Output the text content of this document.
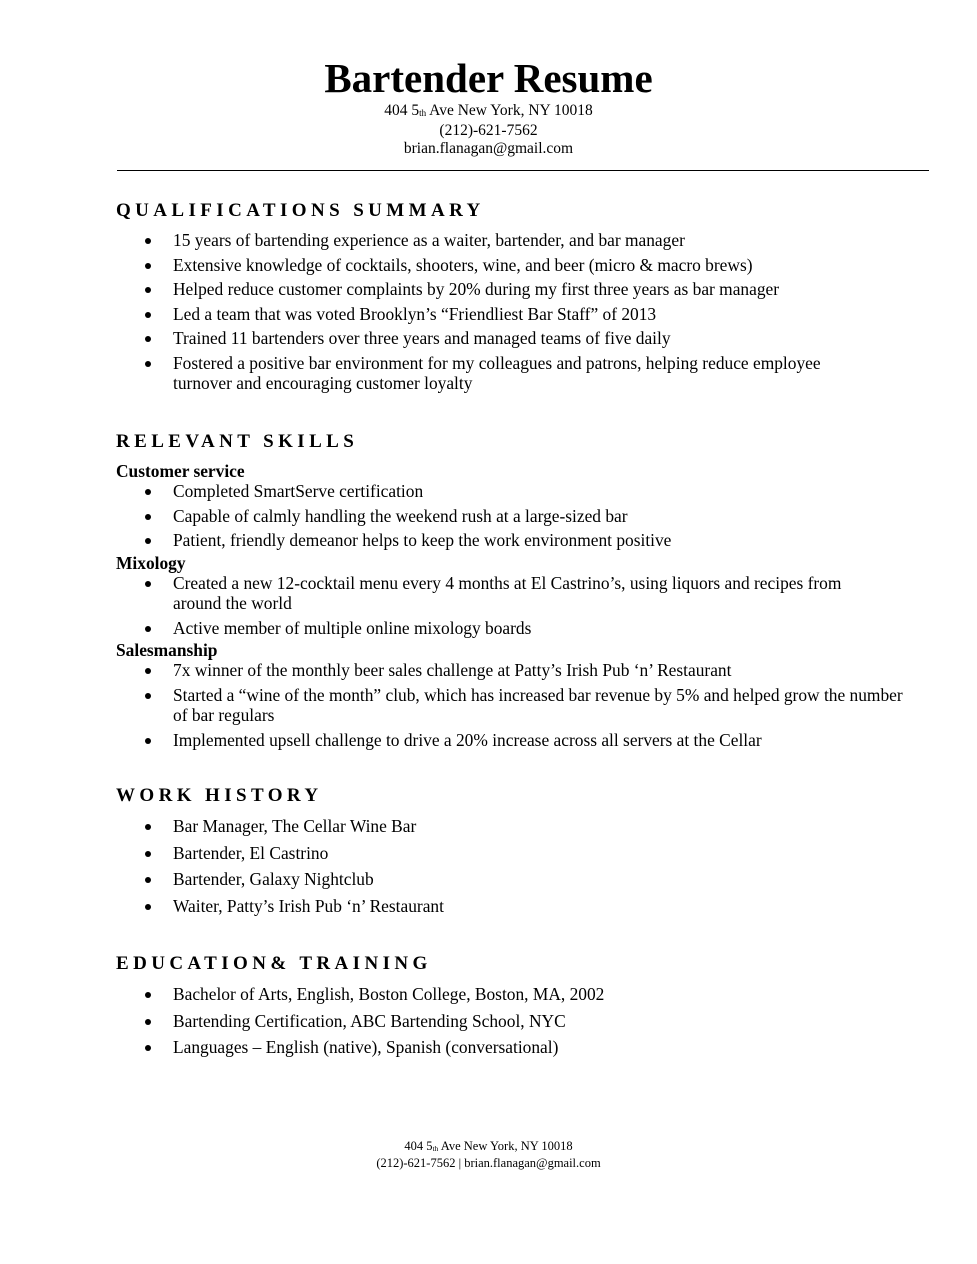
Bartender Resume
404 5th Ave New York, NY 10018
(212)-621-7562
brian.flanagan@gmail.com
QUALIFICATIONS SUMMARY
15 years of bartending experience as a waiter, bartender, and bar manager
Extensive knowledge of cocktails, shooters, wine, and beer (micro & macro brews)
Helped reduce customer complaints by 20% during my first three years as bar manager
Led a team that was voted Brooklyn’s “Friendliest Bar Staff” of 2013
Trained 11 bartenders over three years and managed teams of five daily
Fostered a positive bar environment for my colleagues and patrons, helping reduce employee turnover and encouraging customer loyalty
RELEVANT SKILLS
Customer service
Completed SmartServe certification
Capable of calmly handling the weekend rush at a large-sized bar
Patient, friendly demeanor helps to keep the work environment positive
Mixology
Created a new 12-cocktail menu every 4 months at El Castrino’s, using liquors and recipes from around the world
Active member of multiple online mixology boards
Salesmanship
7x winner of the monthly beer sales challenge at Patty’s Irish Pub ‘n’ Restaurant
Started a “wine of the month” club, which has increased bar revenue by 5% and helped grow the number of bar regulars
Implemented upsell challenge to drive a 20% increase across all servers at the Cellar
WORK HISTORY
Bar Manager, The Cellar Wine Bar
Bartender, El Castrino
Bartender, Galaxy Nightclub
Waiter, Patty’s Irish Pub ‘n’ Restaurant
EDUCATION& TRAINING
Bachelor of Arts, English, Boston College, Boston, MA, 2002
Bartending Certification, ABC Bartending School, NYC
Languages – English (native), Spanish (conversational)
404 5th Ave New York, NY 10018
(212)-621-7562 | brian.flanagan@gmail.com
